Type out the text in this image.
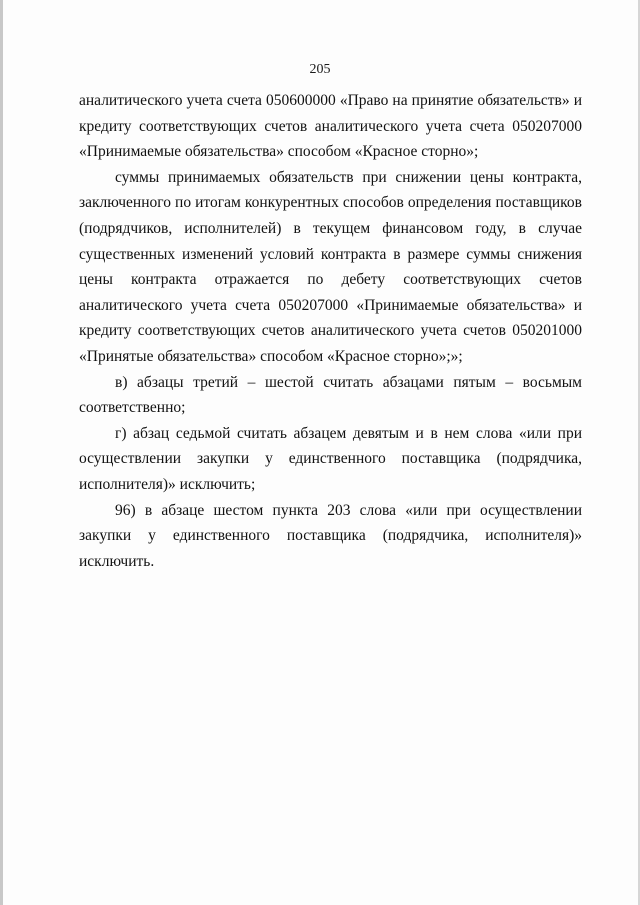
205

аналитического учета счета 050600000 «Право на принятие обязательств» и кредиту соответствующих счетов аналитического учета счета 050207000 «Принимаемые обязательства» способом «Красное сторно»;

суммы принимаемых обязательств при снижении цены контракта, заключенного по итогам конкурентных способов определения поставщиков (подрядчиков, исполнителей) в текущем финансовом году, в случае существенных изменений условий контракта в размере суммы снижения цены контракта отражается по дебету соответствующих счетов аналитического учета счета 050207000 «Принимаемые обязательства» и кредиту соответствующих счетов аналитического учета счетов 050201000 «Принятые обязательства» способом «Красное сторно»;»;

в) абзацы третий – шестой считать абзацами пятым – восьмым соответственно;

г) абзац седьмой считать абзацем девятым и в нем слова «или при осуществлении закупки у единственного поставщика (подрядчика, исполнителя)» исключить;

96) в абзаце шестом пункта 203 слова «или при осуществлении закупки у единственного поставщика (подрядчика, исполнителя)» исключить.
